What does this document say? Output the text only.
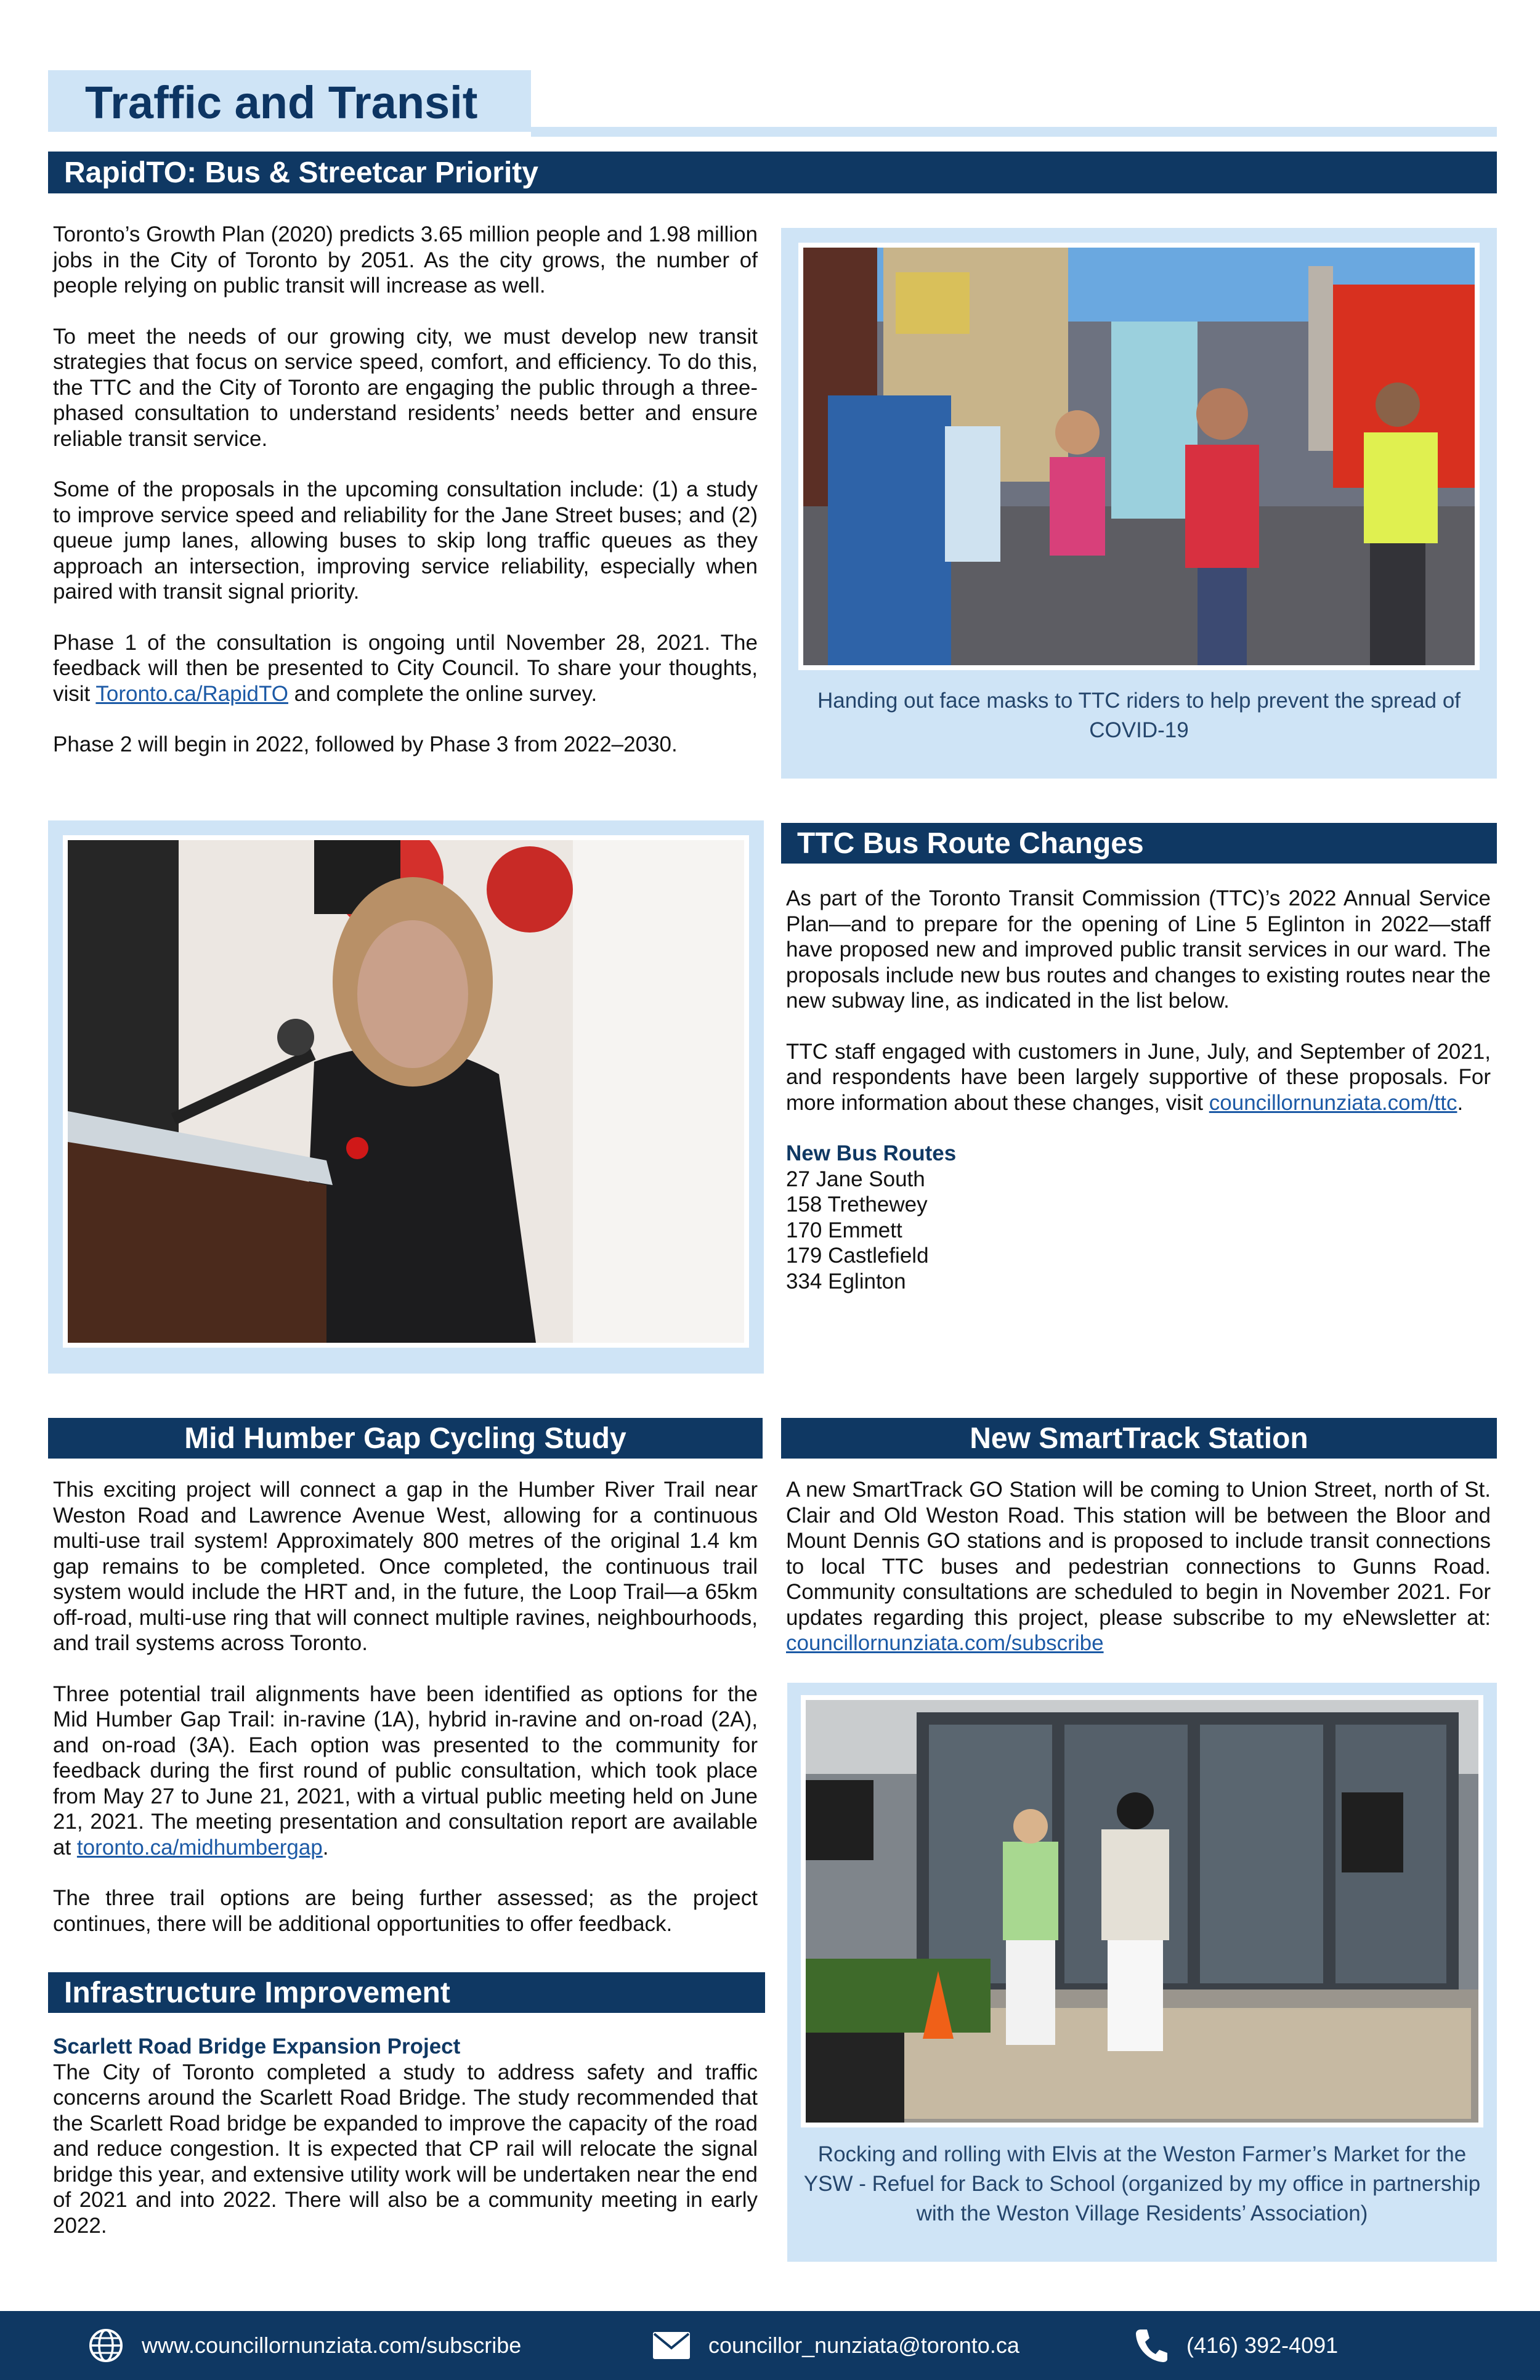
Traffic and Transit
RapidTO: Bus & Streetcar Priority

Toronto’s Growth Plan (2020) predicts 3.65 million people and 1.98 million jobs in the City of Toronto by 2051. As the city grows, the number of people relying on public transit will increase as well.

To meet the needs of our growing city, we must develop new transit strategies that focus on service speed, comfort, and efficiency. To do this, the TTC and the City of Toronto are engaging the public through a three-phased consultation to understand residents’ needs better and ensure reliable transit service.

Some of the proposals in the upcoming consultation include: (1) a study to improve service speed and reliability for the Jane Street buses; and (2) queue jump lanes, allowing buses to skip long traffic queues as they approach an intersection, improving service reliability, especially when paired with transit signal priority.

Phase 1 of the consultation is ongoing until November 28, 2021. The feedback will then be presented to City Council. To share your thoughts, visit Toronto.ca/RapidTO and complete the online survey.

Phase 2 will begin in 2022, followed by Phase 3 from 2022–2030.

Handing out face masks to TTC riders to help prevent the spread of COVID-19
TTC Bus Route Changes

As part of the Toronto Transit Commission (TTC)’s 2022 Annual Service Plan—and to prepare for the opening of Line 5 Eglinton in 2022—staff have proposed new and improved public transit services in our ward. The proposals include new bus routes and changes to existing routes near the new subway line, as indicated in the list below.

TTC staff engaged with customers in June, July, and September of 2021, and respondents have been largely supportive of these proposals. For more information about these changes, visit councillornunziata.com/ttc.

New Bus Routes
27 Jane South
158 Trethewey
170 Emmett
179 Castlefield
334 Eglinton
Mid Humber Gap Cycling Study

This exciting project will connect a gap in the Humber River Trail near Weston Road and Lawrence Avenue West, allowing for a continuous multi-use trail system! Approximately 800 metres of the original 1.4 km gap remains to be completed. Once completed, the continuous trail system would include the HRT and, in the future, the Loop Trail—a 65km off-road, multi-use ring that will connect multiple ravines, neighbourhoods, and trail systems across Toronto.

Three potential trail alignments have been identified as options for the Mid Humber Gap Trail: in-ravine (1A), hybrid in-ravine and on-road (2A), and on-road (3A). Each option was presented to the community for feedback during the first round of public consultation, which took place from May 27 to June 21, 2021, with a virtual public meeting held on June 21, 2021. The meeting presentation and consultation report are available at toronto.ca/midhumbergap.

The three trail options are being further assessed; as the project continues, there will be additional opportunities to offer feedback.

New SmartTrack Station

A new SmartTrack GO Station will be coming to Union Street, north of St. Clair and Old Weston Road. This station will be between the Bloor and Mount Dennis GO stations and is proposed to include transit connections to local TTC buses and pedestrian connections to Gunns Road. Community consultations are scheduled to begin in November 2021. For updates regarding this project, please subscribe to my eNewsletter at: councillornunziata.com/subscribe

Rocking and rolling with Elvis at the Weston Farmer’s Market for the YSW - Refuel for Back to School (organized by my office in partnership with the Weston Village Residents’ Association)
Infrastructure Improvement
Scarlett Road Bridge Expansion Project

The City of Toronto completed a study to address safety and traffic concerns around the Scarlett Road Bridge. The study recommended that the Scarlett Road bridge be expanded to improve the capacity of the road and reduce congestion. It is expected that CP rail will relocate the signal bridge this year, and extensive utility work will be undertaken near the end of 2021 and into 2022. There will also be a community meeting in early 2022.

www.councillornunziata.com/subscribe	councillor_nunziata@toronto.ca	(416) 392-4091
